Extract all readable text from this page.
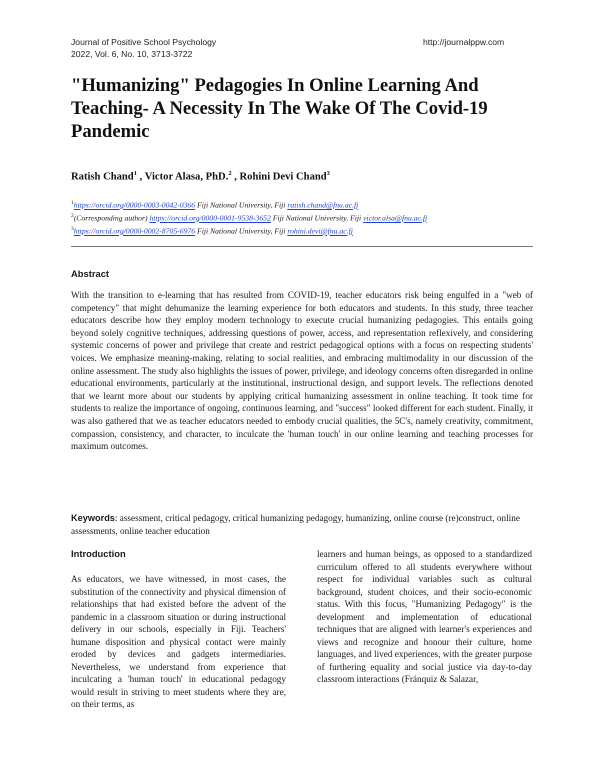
Journal of Positive School Psychology
2022, Vol. 6, No. 10, 3713-3722
http://journalppw.com
"Humanizing" Pedagogies In Online Learning And Teaching- A Necessity In The Wake Of The Covid-19 Pandemic
Ratish Chand$^1$ , Victor Alasa, PhD.$^2$ , Rohini Devi Chand$^3$
$^1$https://orcid.org/0000-0003-0042-0366 Fiji National University, Fiji ratish.chand@fnu.ac.fj
$^2$(Corresponding author) https://orcid.org/0000-0001-9538-3652 Fiji National University, Fiji victor.alsa@fnu.ac.fj
$^3$https://orcid.org/0000-0002-8705-6976 Fiji National University, Fiji rohini.devi@fnu.ac.fj
Abstract

With the transition to e-learning that has resulted from COVID-19, teacher educators risk being engulfed in a "web of competency" that might dehumanize the learning experience for both educators and students. In this study, three teacher educators describe how they employ modern technology to execute crucial humanizing pedagogies. This entails going beyond solely cognitive techniques, addressing questions of power, access, and representation reflexively, and considering systemic concerns of power and privilege that create and restrict pedagogical options with a focus on respecting students' voices. We emphasize meaning-making, relating to social realities, and embracing multimodality in our discussion of the online assessment. The study also highlights the issues of power, privilege, and ideology concerns often disregarded in online educational environments, particularly at the institutional, instructional design, and support levels. The reflections denoted that we learnt more about our students by applying critical humanizing assessment in online teaching. It took time for students to realize the importance of ongoing, continuous learning, and "success" looked different for each student. Finally, it was also gathered that we as teacher educators needed to embody crucial qualities, the 5C's, namely creativity, commitment, compassion, consistency, and character, to inculcate the 'human touch' in our online learning and teaching processes for maximum outcomes.

Keywords: assessment, critical pedagogy, critical humanizing pedagogy, humanizing, online course (re)construct, online assessments, online teacher education

Introduction

As educators, we have witnessed, in most cases, the substitution of the connectivity and physical dimension of relationships that had existed before the advent of the pandemic in a classroom situation or during instructional delivery in our schools, especially in Fiji. Teachers' humane disposition and physical contact were mainly eroded by devices and gadgets intermediaries. Nevertheless, we understand from experience that inculcating a 'human touch' in educational pedagogy would result in striving to meet students where they are, on their terms, as

learners and human beings, as opposed to a standardized curriculum offered to all students everywhere without respect for individual variables such as cultural background, student choices, and their socio-economic status. With this focus, "Humanizing Pedagogy" is the development and implementation of educational techniques that are aligned with learner's experiences and views and recognize and honour their culture, home languages, and lived experiences, with the greater purpose of furthering equality and social justice via day-to-day classroom interactions (Fránquiz & Salazar,
